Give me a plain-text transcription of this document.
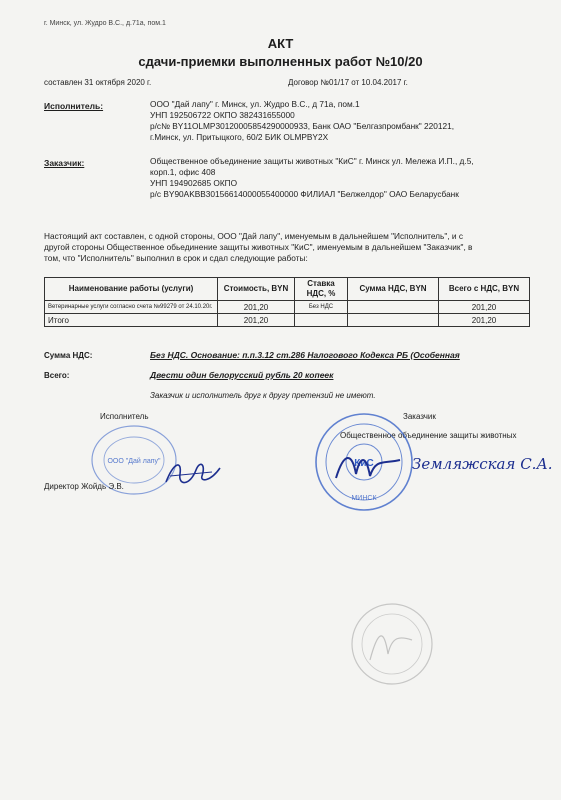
г. Минск, ул. Жудро В.С., д.71а, пом.1
АКТ
сдачи-приемки выполненных работ №10/20
составлен 31 октября 2020 г.	Договор №01/17 от 10.04.2017 г.
Исполнитель:	ООО "Дай лапу" г. Минск, ул. Жудро В.С., д 71а, пом.1
УНП 192506722 ОКПО 382431655000
р/с№ BY11OLMP30120005854290000933, Банк ОАО "Белгазпромбанк" 220121,
г.Минск, ул. Притыцкого, 60/2 БИК OLMPBY2X
Заказчик:	Общественное объединение защиты животных "КиС" г. Минск ул. Мележа И.П., д.5,
корп.1, офис 408
УНП 194902685 ОКПО
р/с BY90AKBB30156614000055400000 ФИЛИАЛ "Белжелдор" ОАО Беларусбанк
Настоящий акт составлен, с одной стороны, ООО "Дай лапу", именуемым в дальнейшем "Исполнитель", и с
другой стороны Общественное обьединение защиты животных "КиС", именуемым в дальнейшем "Заказчик", в
том, что "Исполнитель" выполнил в срок и сдал следующие работы:
Наименование работы (услуги)	Стоимость, BYN	Ставка НДС, %	Сумма НДС, BYN	Всего с НДС, BYN
Ветеринарные услуги согласно счета №99279 от 24.10.20г.	201,20	Без НДС		201,20
Итого	201,20			201,20
Сумма НДС:	Без НДС. Основание: п.п.3.12 ст.286 Налогового Кодекса РБ (Особенная
Всего:	Двести один белорусский рубль 20 копеек
Заказчик и исполнитель друг к другу претензий не имеют.
Исполнитель	Заказчик
Общественное объединение защиты животных
ООО "Дай лапу"
Директор Жойдь Э.В.
КиС
МИНСК
Земляжская С.А.
